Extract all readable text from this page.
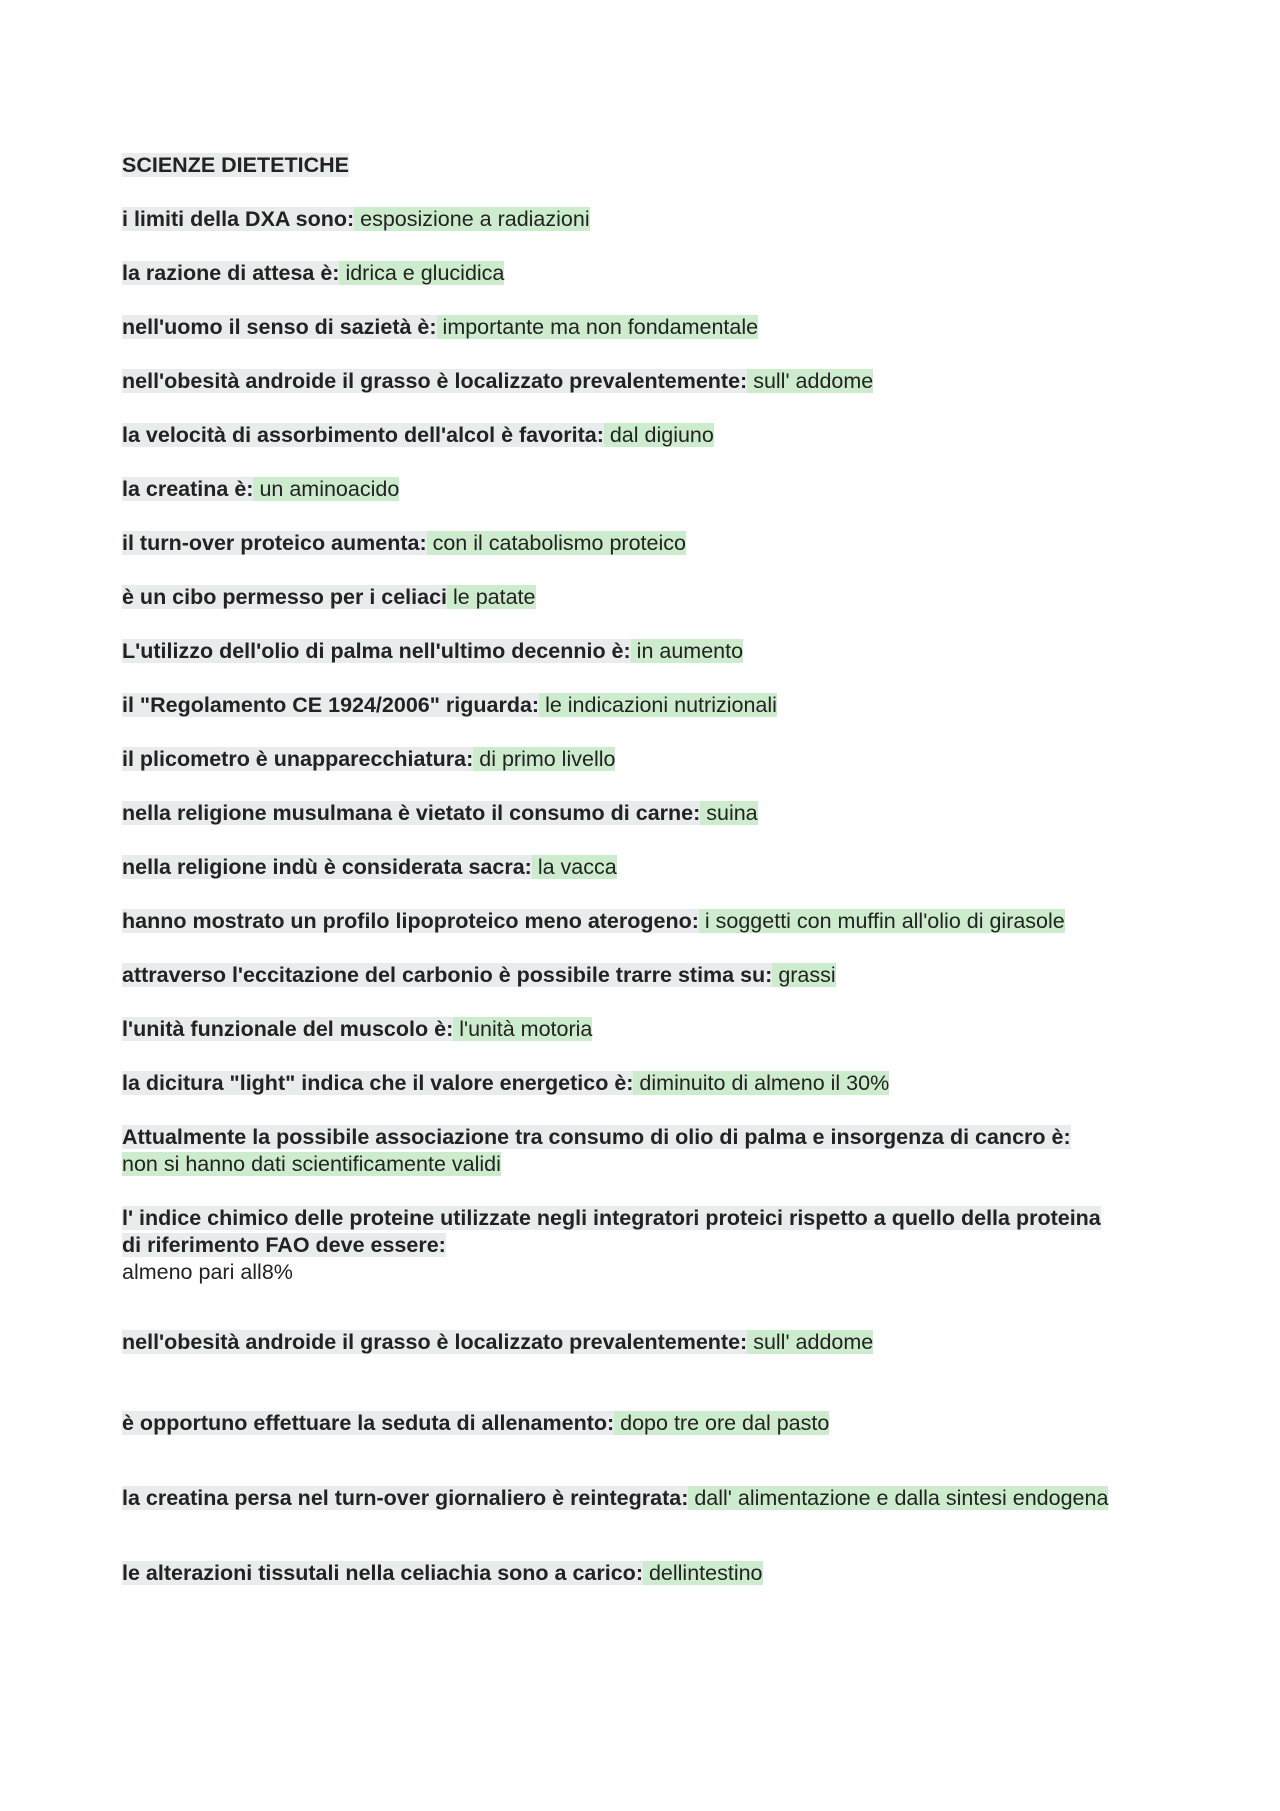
SCIENZE DIETETICHE
i limiti della DXA sono: esposizione a radiazioni
la razione di attesa è: idrica e glucidica
nell'uomo il senso di sazietà è: importante ma non fondamentale
nell'obesità androide il grasso è localizzato prevalentemente: sull' addome
la velocità di assorbimento dell'alcol è favorita: dal digiuno
la creatina è: un aminoacido
il turn-over proteico aumenta: con il catabolismo proteico
è un cibo permesso per i celiaci le patate
L'utilizzo dell'olio di palma nell'ultimo decennio è: in aumento
il "Regolamento CE 1924/2006" riguarda: le indicazioni nutrizionali
il plicometro è unapparecchiatura: di primo livello
nella religione musulmana è vietato il consumo di carne: suina
nella religione indù è considerata sacra: la vacca
hanno mostrato un profilo lipoproteico meno aterogeno: i soggetti con muffin all'olio di girasole
attraverso l'eccitazione del carbonio è possibile trarre stima su: grassi
l'unità funzionale del muscolo è: l'unità motoria
la dicitura "light" indica che il valore energetico è: diminuito di almeno il 30%
Attualmente la possibile associazione tra consumo di olio di palma e insorgenza di cancro è:
non si hanno dati scientificamente validi
l' indice chimico delle proteine utilizzate negli integratori proteici rispetto a quello della proteina
di riferimento FAO deve essere:
almeno pari all8%
nell'obesità androide il grasso è localizzato prevalentemente: sull' addome
è opportuno effettuare la seduta di allenamento: dopo tre ore dal pasto
la creatina persa nel turn-over giornaliero è reintegrata: dall' alimentazione e dalla sintesi endogena
le alterazioni tissutali nella celiachia sono a carico: dellintestino
